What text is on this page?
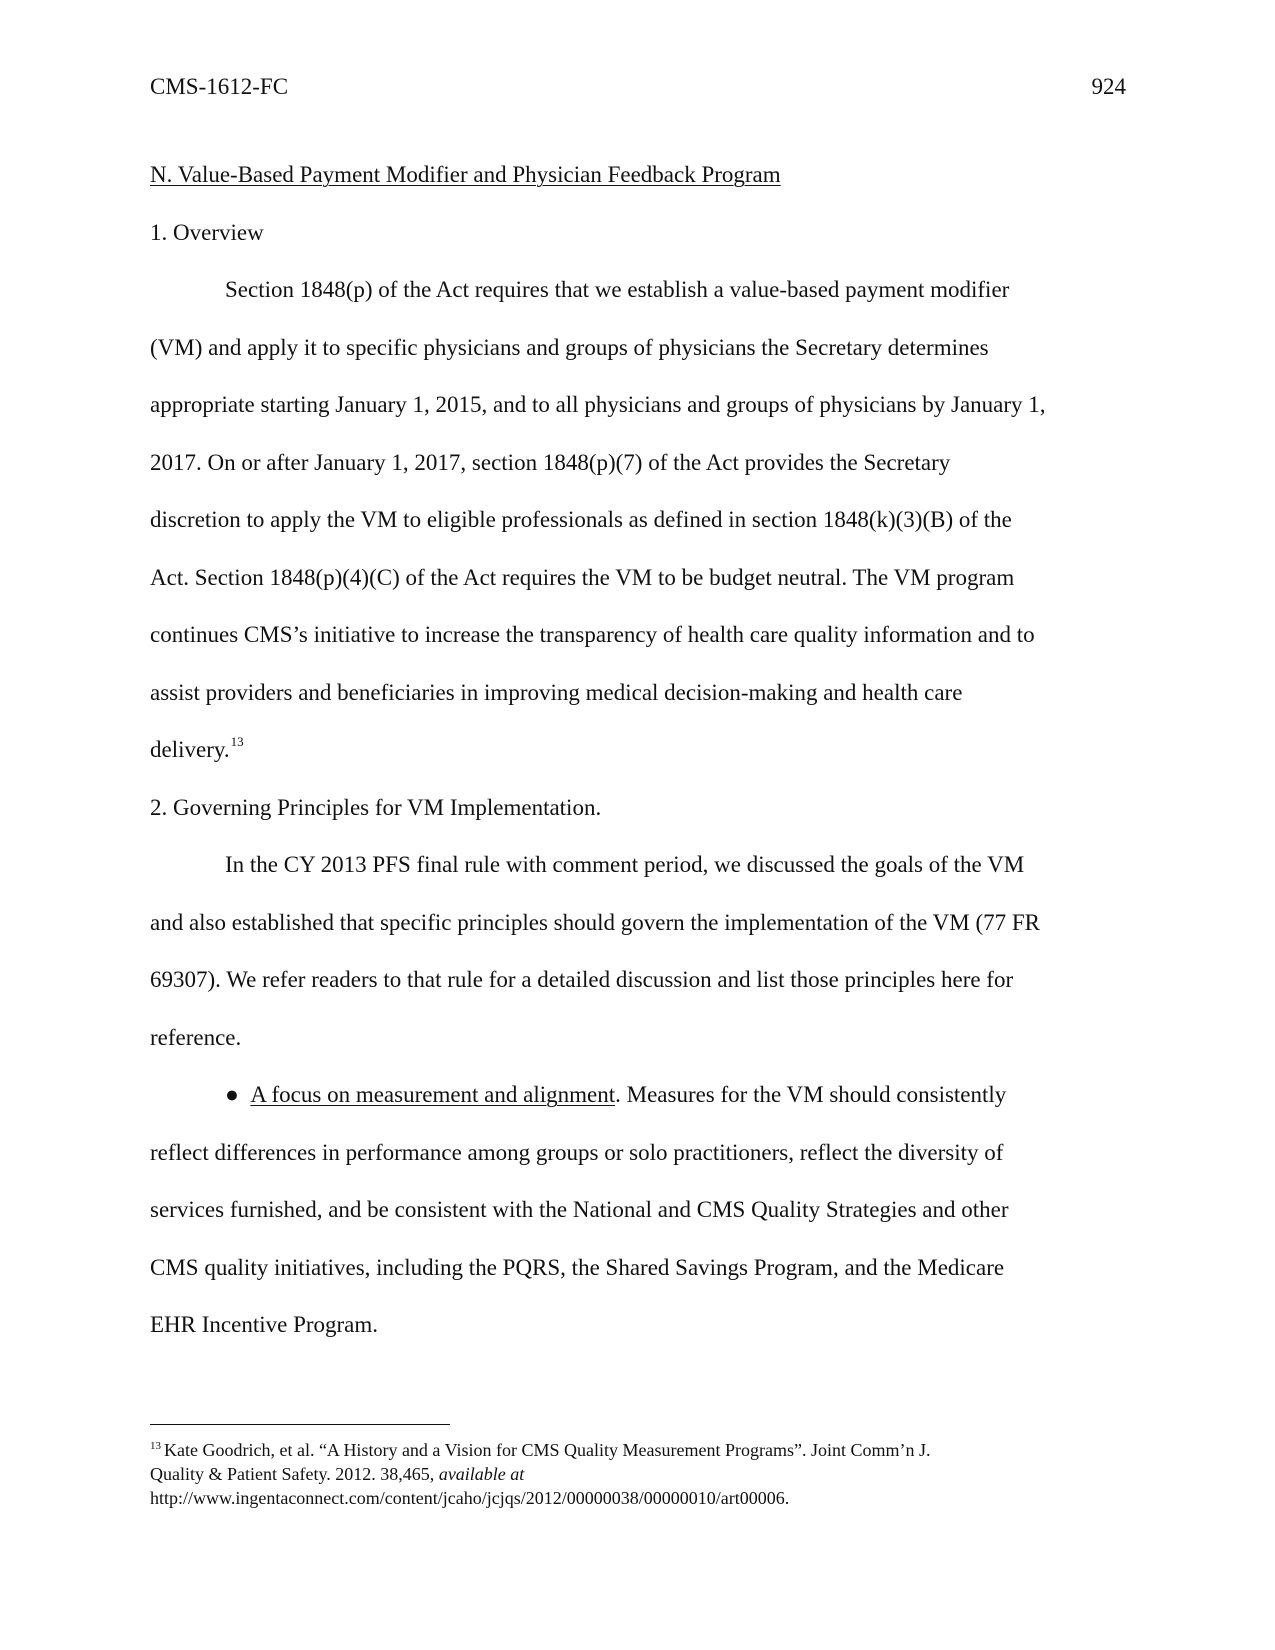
CMS-1612-FC	924
N. Value-Based Payment Modifier and Physician Feedback Program
1. Overview
Section 1848(p) of the Act requires that we establish a value-based payment modifier
(VM) and apply it to specific physicians and groups of physicians the Secretary determines
appropriate starting January 1, 2015, and to all physicians and groups of physicians by January 1,
2017. On or after January 1, 2017, section 1848(p)(7) of the Act provides the Secretary
discretion to apply the VM to eligible professionals as defined in section 1848(k)(3)(B) of the
Act. Section 1848(p)(4)(C) of the Act requires the VM to be budget neutral. The VM program
continues CMS’s initiative to increase the transparency of health care quality information and to
assist providers and beneficiaries in improving medical decision-making and health care
delivery.$^{13}$
2. Governing Principles for VM Implementation.
In the CY 2013 PFS final rule with comment period, we discussed the goals of the VM
and also established that specific principles should govern the implementation of the VM (77 FR
69307). We refer readers to that rule for a detailed discussion and list those principles here for
reference.
● A focus on measurement and alignment. Measures for the VM should consistently
reflect differences in performance among groups or solo practitioners, reflect the diversity of
services furnished, and be consistent with the National and CMS Quality Strategies and other
CMS quality initiatives, including the PQRS, the Shared Savings Program, and the Medicare
EHR Incentive Program.
$^{13}$ Kate Goodrich, et al. “A History and a Vision for CMS Quality Measurement Programs”. Joint Comm’n J.
Quality & Patient Safety. 2012. 38,465, available at
http://www.ingentaconnect.com/content/jcaho/jcjqs/2012/00000038/00000010/art00006.
